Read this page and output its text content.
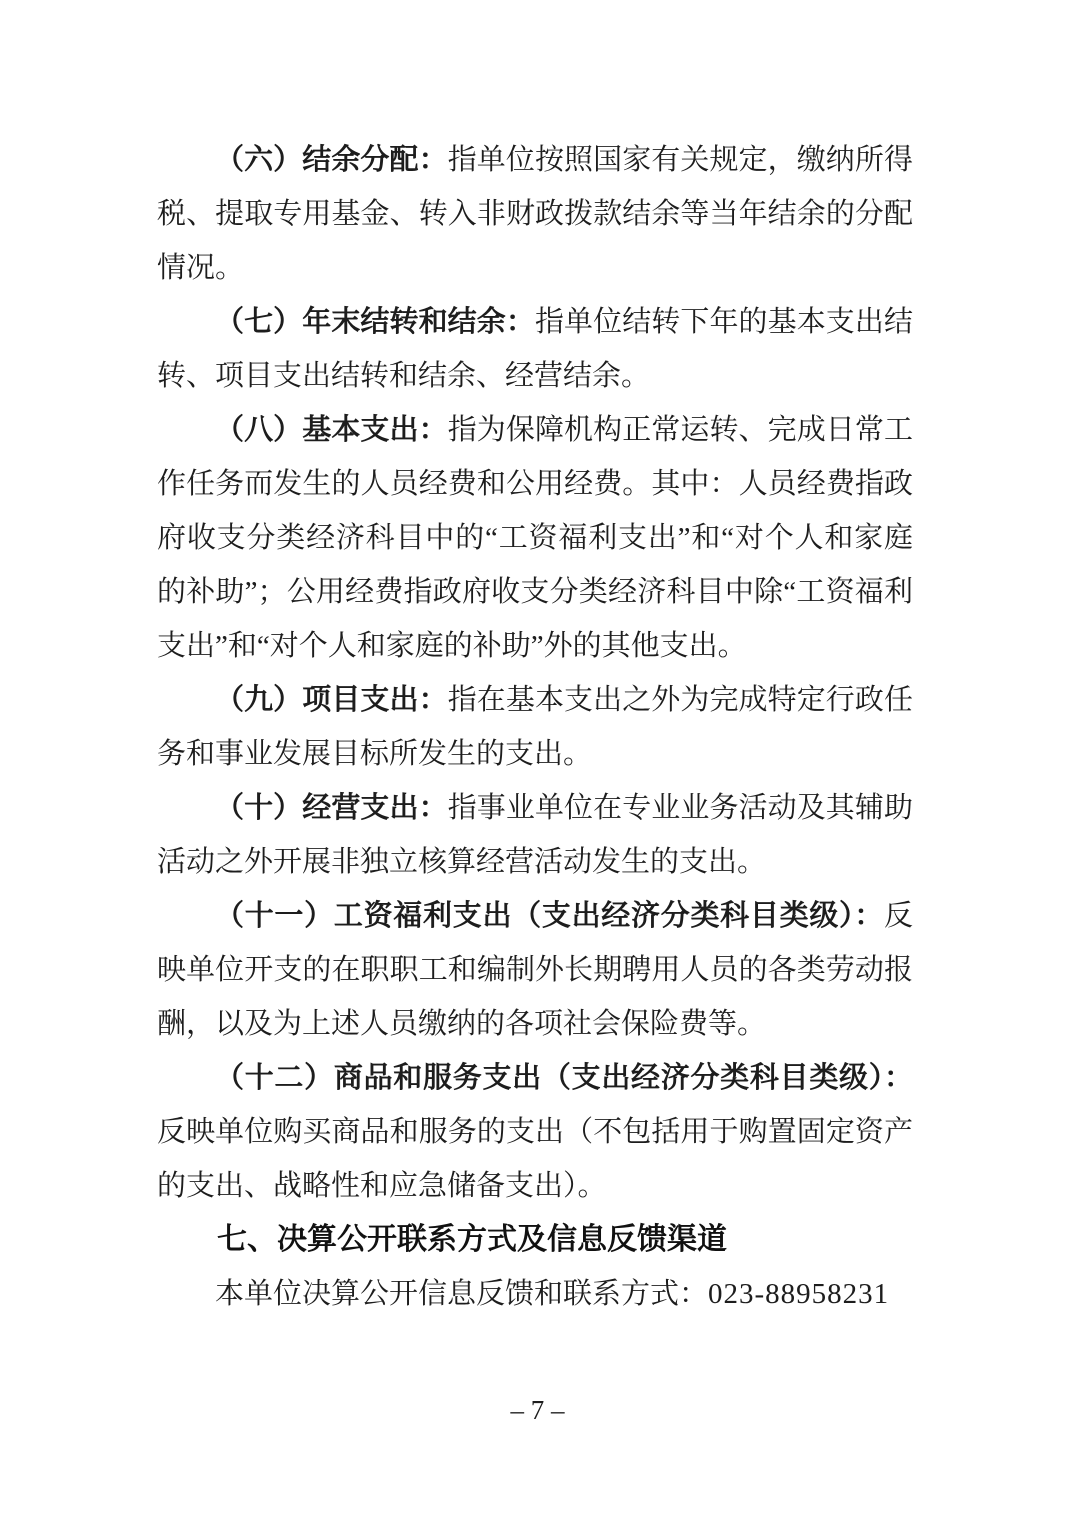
（六）结余分配：指单位按照国家有关规定，缴纳所得税、提取专用基金、转入非财政拨款结余等当年结余的分配情况。

（七）年末结转和结余：指单位结转下年的基本支出结转、项目支出结转和结余、经营结余。

（八）基本支出：指为保障机构正常运转、完成日常工作任务而发生的人员经费和公用经费。其中：人员经费指政府收支分类经济科目中的“工资福利支出”和“对个人和家庭的补助”；公用经费指政府收支分类经济科目中除“工资福利支出”和“对个人和家庭的补助”外的其他支出。

（九）项目支出：指在基本支出之外为完成特定行政任务和事业发展目标所发生的支出。

（十）经营支出：指事业单位在专业业务活动及其辅助活动之外开展非独立核算经营活动发生的支出。

（十一）工资福利支出（支出经济分类科目类级）：反映单位开支的在职职工和编制外长期聘用人员的各类劳动报酬，以及为上述人员缴纳的各项社会保险费等。

（十二）商品和服务支出（支出经济分类科目类级）：反映单位购买商品和服务的支出（不包括用于购置固定资产的支出、战略性和应急储备支出）。

七、决算公开联系方式及信息反馈渠道

本单位决算公开信息反馈和联系方式：023-88958231

– 7 –
